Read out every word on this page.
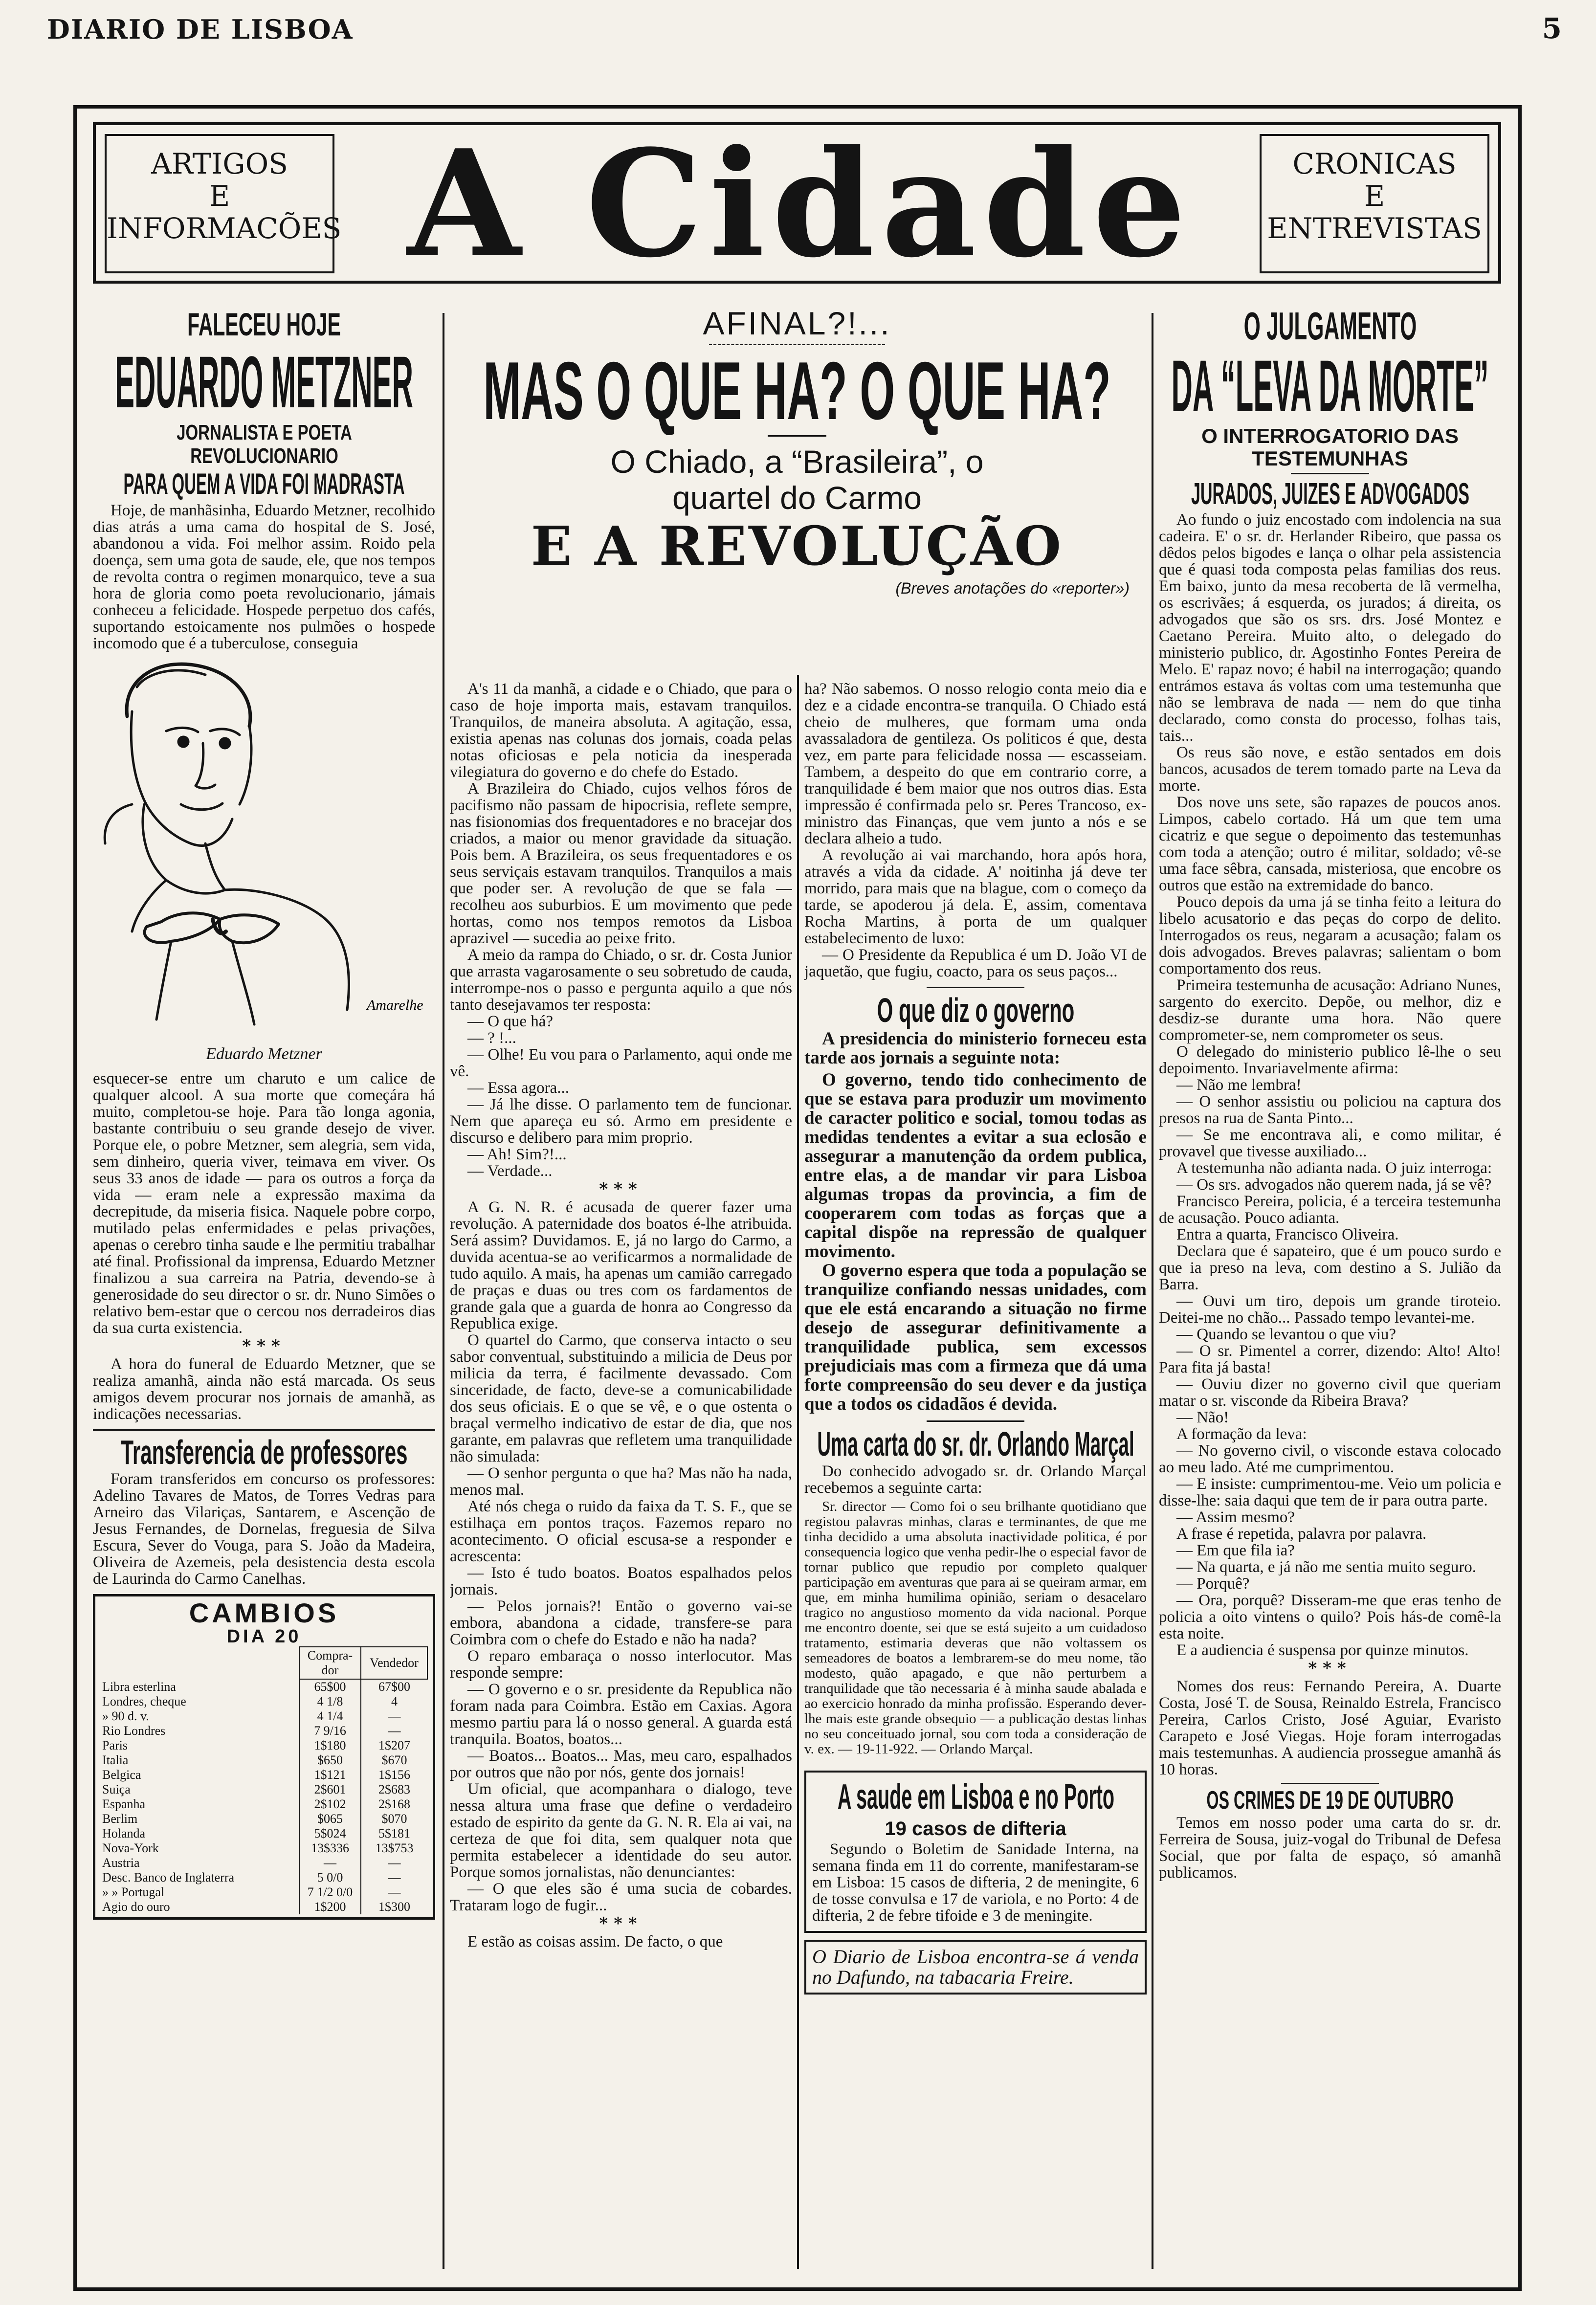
DIARIO DE LISBOA	5
ARTIGOS
E
INFORMACÕES A Cidade	CRONICAS
E
ENTREVISTAS
FALECEU HOJE
EDUARDO METZNER
JORNALISTA E POETA
REVOLUCIONARIO
PARA QUEM A VIDA FOI MADRASTA

Hoje, de manhãsinha, Eduardo Metzner, recolhido dias atrás a uma cama do hospital de S. José, abandonou a vida. Foi melhor assim. Roido pela doença, sem uma gota de saude, ele, que nos tempos de revolta contra o regimen monarquico, teve a sua hora de gloria como poeta revolucionario, jámais conheceu a felicidade. Hospede perpetuo dos cafés, suportando estoicamente nos pulmões o hospede incomodo que é a tuberculose, conseguia

Amarelhe
Eduardo Metzner

esquecer-se entre um charuto e um calice de qualquer alcool. A sua morte que começára há muito, completou-se hoje. Para tão longa agonia, bastante contribuiu o seu grande desejo de viver. Porque ele, o pobre Metzner, sem alegria, sem vida, sem dinheiro, queria viver, teimava em viver. Os seus 33 anos de idade — para os outros a força da vida — eram nele a expressão maxima da decrepitude, da miseria fisica. Naquele pobre corpo, mutilado pelas enfermidades e pelas privações, apenas o cerebro tinha saude e lhe permitiu trabalhar até final. Profissional da imprensa, Eduardo Metzner finalizou a sua carreira na Patria, devendo-se à generosidade do seu director o sr. dr. Nuno Simões o relativo bem-estar que o cercou nos derradeiros dias da sua curta existencia.

***

A hora do funeral de Eduardo Metzner, que se realiza amanhã, ainda não está marcada. Os seus amigos devem procurar nos jornais de amanhã, as indicações necessarias.

Transferencia de professores

Foram transferidos em concurso os professores: Adelino Tavares de Matos, de Torres Vedras para Arneiro das Vilariças, Santarem, e Ascenção de Jesus Fernandes, de Dornelas, freguesia de Silva Escura, Sever do Vouga, para S. João da Madeira, Oliveira de Azemeis, pela desistencia desta escola de Laurinda do Carmo Canelhas.

CAMBIOS
DIA 20
	Compra-dor	Vendedor
Libra esterlina	65$00	67$00
Londres, cheque	4 1/8	4
» 90 d. v.	4 1/4	—
Rio Londres	7 9/16	—
Paris	1$180	1$207
Italia	$650	$670
Belgica	1$121	1$156
Suiça	2$601	2$683
Espanha	2$102	2$168
Berlim	$065	$070
Holanda	5$024	5$181
Nova-York	13$336	13$753
Austria	—	—
Desc. Banco de Inglaterra	5 0/0	—
» » Portugal	7 1/2 0/0	—
Agio do ouro	1$200	1$300
AFINAL?!...
MAS O QUE HA? O QUE HA?
O Chiado, a “Brasileira”, o quartel do Carmo
E A REVOLUÇÃO
(Breves anotações do «reporter»)

A's 11 da manhã, a cidade e o Chiado, que para o caso de hoje importa mais, estavam tranquilos. Tranquilos, de maneira absoluta. A agitação, essa, existia apenas nas colunas dos jornais, coada pelas notas oficiosas e pela noticia da inesperada vilegiatura do governo e do chefe do Estado.

A Brazileira do Chiado, cujos velhos fóros de pacifismo não passam de hipocrisia, reflete sempre, nas fisionomias dos frequentadores e no bracejar dos criados, a maior ou menor gravidade da situação. Pois bem. A Brazileira, os seus frequentadores e os seus serviçais estavam tranquilos. Tranquilos a mais que poder ser. A revolução de que se fala — recolheu aos suburbios. E um movimento que pede hortas, como nos tempos remotos da Lisboa aprazivel — sucedia ao peixe frito.

A meio da rampa do Chiado, o sr. dr. Costa Junior que arrasta vagarosamente o seu sobretudo de cauda, interrompe-nos o passo e pergunta aquilo a que nós tanto desejavamos ter resposta:

— O que há?

— ? !...

— Olhe! Eu vou para o Parlamento, aqui onde me vê.

— Essa agora...

— Já lhe disse. O parlamento tem de funcionar. Nem que apareça eu só. Armo em presidente e discurso e delibero para mim proprio.

— Ah! Sim?!...

— Verdade...

***

A G. N. R. é acusada de querer fazer uma revolução. A paternidade dos boatos é-lhe atribuida. Será assim? Duvidamos. E, já no largo do Carmo, a duvida acentua-se ao verificarmos a normalidade de tudo aquilo. A mais, ha apenas um camião carregado de praças e duas ou tres com os fardamentos de grande gala que a guarda de honra ao Congresso da Republica exige.

O quartel do Carmo, que conserva intacto o seu sabor conventual, substituindo a milicia de Deus por milicia da terra, é facilmente devassado. Com sinceridade, de facto, deve-se a comunicabilidade dos seus oficiais. E o que se vê, e o que ostenta o braçal vermelho indicativo de estar de dia, que nos garante, em palavras que refletem uma tranquilidade não simulada:

— O senhor pergunta o que ha? Mas não ha nada, menos mal.

Até nós chega o ruido da faixa da T. S. F., que se estilhaça em pontos traços. Fazemos reparo no acontecimento. O oficial escusa-se a responder e acrescenta:

— Isto é tudo boatos. Boatos espalhados pelos jornais.

— Pelos jornais?! Então o governo vai-se embora, abandona a cidade, transfere-se para Coimbra com o chefe do Estado e não ha nada?

O reparo embaraça o nosso interlocutor. Mas responde sempre:

— O governo e o sr. presidente da Republica não foram nada para Coimbra. Estão em Caxias. Agora mesmo partiu para lá o nosso general. A guarda está tranquila. Boatos, boatos...

— Boatos... Boatos... Mas, meu caro, espalhados por outros que não por nós, gente dos jornais!

Um oficial, que acompanhara o dialogo, teve nessa altura uma frase que define o verdadeiro estado de espirito da gente da G. N. R. Ela ai vai, na certeza de que foi dita, sem qualquer nota que permita estabelecer a identidade do seu autor. Porque somos jornalistas, não denunciantes:

— O que eles são é uma sucia de cobardes. Trataram logo de fugir...

***

E estão as coisas assim. De facto, o que

ha? Não sabemos. O nosso relogio conta meio dia e dez e a cidade encontra-se tranquila. O Chiado está cheio de mulheres, que formam uma onda avassaladora de gentileza. Os politicos é que, desta vez, em parte para felicidade nossa — escasseiam. Tambem, a despeito do que em contrario corre, a tranquilidade é bem maior que nos outros dias. Esta impressão é confirmada pelo sr. Peres Trancoso, ex-ministro das Finanças, que vem junto a nós e se declara alheio a tudo.

A revolução ai vai marchando, hora após hora, através a vida da cidade. A' noitinha já deve ter morrido, para mais que na blague, com o começo da tarde, se apoderou já dela. E, assim, comentava Rocha Martins, à porta de um qualquer estabelecimento de luxo:

— O Presidente da Republica é um D. João VI de jaquetão, que fugiu, coacto, para os seus paços...

O que diz o governo

A presidencia do ministerio forneceu esta tarde aos jornais a seguinte nota:

O governo, tendo tido conhecimento de que se estava para produzir um movimento de caracter politico e social, tomou todas as medidas tendentes a evitar a sua eclosão e assegurar a manutenção da ordem publica, entre elas, a de mandar vir para Lisboa algumas tropas da provincia, a fim de cooperarem com todas as forças que a capital dispõe na repressão de qualquer movimento.

O governo espera que toda a população se tranquilize confiando nessas unidades, com que ele está encarando a situação no firme desejo de assegurar definitivamente a tranquilidade publica, sem excessos prejudiciais mas com a firmeza que dá uma forte compreensão do seu dever e da justiça que a todos os cidadãos é devida.

Uma carta do sr. dr. Orlando Marçal

Do conhecido advogado sr. dr. Orlando Marçal recebemos a seguinte carta:

Sr. director — Como foi o seu brilhante quotidiano que registou palavras minhas, claras e terminantes, de que me tinha decidido a uma absoluta inactividade politica, é por consequencia logico que venha pedir-lhe o especial favor de tornar publico que repudio por completo qualquer participação em aventuras que para ai se queiram armar, em que, em minha humilima opinião, seriam o desacelaro tragico no angustioso momento da vida nacional. Porque me encontro doente, sei que se está sujeito a um cuidadoso tratamento, estimaria deveras que não voltassem os semeadores de boatos a lembrarem-se do meu nome, tão modesto, quão apagado, e que não perturbem a tranquilidade que tão necessaria é à minha saude abalada e ao exercicio honrado da minha profissão. Esperando dever-lhe mais este grande obsequio — a publicação destas linhas no seu conceituado jornal, sou com toda a consideração de v. ex. — 19-11-922. — Orlando Marçal.

A saude em Lisboa e no Porto
19 casos de difteria

Segundo o Boletim de Sanidade Interna, na semana finda em 11 do corrente, manifestaram-se em Lisboa: 15 casos de difteria, 2 de meningite, 6 de tosse convulsa e 17 de variola, e no Porto: 4 de difteria, 2 de febre tifoide e 3 de meningite.

O Diario de Lisboa encontra-se á venda no Dafundo, na tabacaria Freire.
O JULGAMENTO
DA “LEVA DA MORTE”
O INTERROGATORIO DAS TESTEMUNHAS
JURADOS, JUIZES E ADVOGADOS

Ao fundo o juiz encostado com indolencia na sua cadeira. E' o sr. dr. Herlander Ribeiro, que passa os dêdos pelos bigodes e lança o olhar pela assistencia que é quasi toda composta pelas familias dos reus. Em baixo, junto da mesa recoberta de lã vermelha, os escrivães; á esquerda, os jurados; á direita, os advogados que são os srs. drs. José Montez e Caetano Pereira. Muito alto, o delegado do ministerio publico, dr. Agostinho Fontes Pereira de Melo. E' rapaz novo; é habil na interrogação; quando entrámos estava ás voltas com uma testemunha que não se lembrava de nada — nem do que tinha declarado, como consta do processo, folhas tais, tais...

Os reus são nove, e estão sentados em dois bancos, acusados de terem tomado parte na Leva da morte.

Dos nove uns sete, são rapazes de poucos anos. Limpos, cabelo cortado. Há um que tem uma cicatriz e que segue o depoimento das testemunhas com toda a atenção; outro é militar, soldado; vê-se uma face sêbra, cansada, misteriosa, que encobre os outros que estão na extremidade do banco.

Pouco depois da uma já se tinha feito a leitura do libelo acusatorio e das peças do corpo de delito. Interrogados os reus, negaram a acusação; falam os dois advogados. Breves palavras; salientam o bom comportamento dos reus.

Primeira testemunha de acusação: Adriano Nunes, sargento do exercito. Depõe, ou melhor, diz e desdiz-se durante uma hora. Não quere comprometer-se, nem comprometer os seus.

O delegado do ministerio publico lê-lhe o seu depoimento. Invariavelmente afirma:

— Não me lembra!

— O senhor assistiu ou policiou na captura dos presos na rua de Santa Pinto...

— Se me encontrava ali, e como militar, é provavel que tivesse auxiliado...

A testemunha não adianta nada. O juiz interroga:

— Os srs. advogados não querem nada, já se vê?

Francisco Pereira, policia, é a terceira testemunha de acusação. Pouco adianta.

Entra a quarta, Francisco Oliveira.

Declara que é sapateiro, que é um pouco surdo e que ia preso na leva, com destino a S. Julião da Barra.

— Ouvi um tiro, depois um grande tiroteio. Deitei-me no chão... Passado tempo levantei-me.

— Quando se levantou o que viu?

— O sr. Pimentel a correr, dizendo: Alto! Alto! Para fita já basta!

— Ouviu dizer no governo civil que queriam matar o sr. visconde da Ribeira Brava?

— Não!

A formação da leva:

— No governo civil, o visconde estava colocado ao meu lado. Até me cumprimentou.

— E insiste: cumprimentou-me. Veio um policia e disse-lhe: saia daqui que tem de ir para outra parte.

— Assim mesmo?

A frase é repetida, palavra por palavra.

— Em que fila ia?

— Na quarta, e já não me sentia muito seguro.

— Porquê?

— Ora, porquê? Disseram-me que eras tenho de policia a oito vintens o quilo? Pois hás-de comê-la esta noite.

E a audiencia é suspensa por quinze minutos.

***

Nomes dos reus: Fernando Pereira, A. Duarte Costa, José T. de Sousa, Reinaldo Estrela, Francisco Pereira, Carlos Cristo, José Aguiar, Evaristo Carapeto e José Viegas. Hoje foram interrogadas mais testemunhas. A audiencia prossegue amanhã ás 10 horas.

OS CRIMES DE 19 DE OUTUBRO

Temos em nosso poder uma carta do sr. dr. Ferreira de Sousa, juiz-vogal do Tribunal de Defesa Social, que por falta de espaço, só amanhã publicamos.
